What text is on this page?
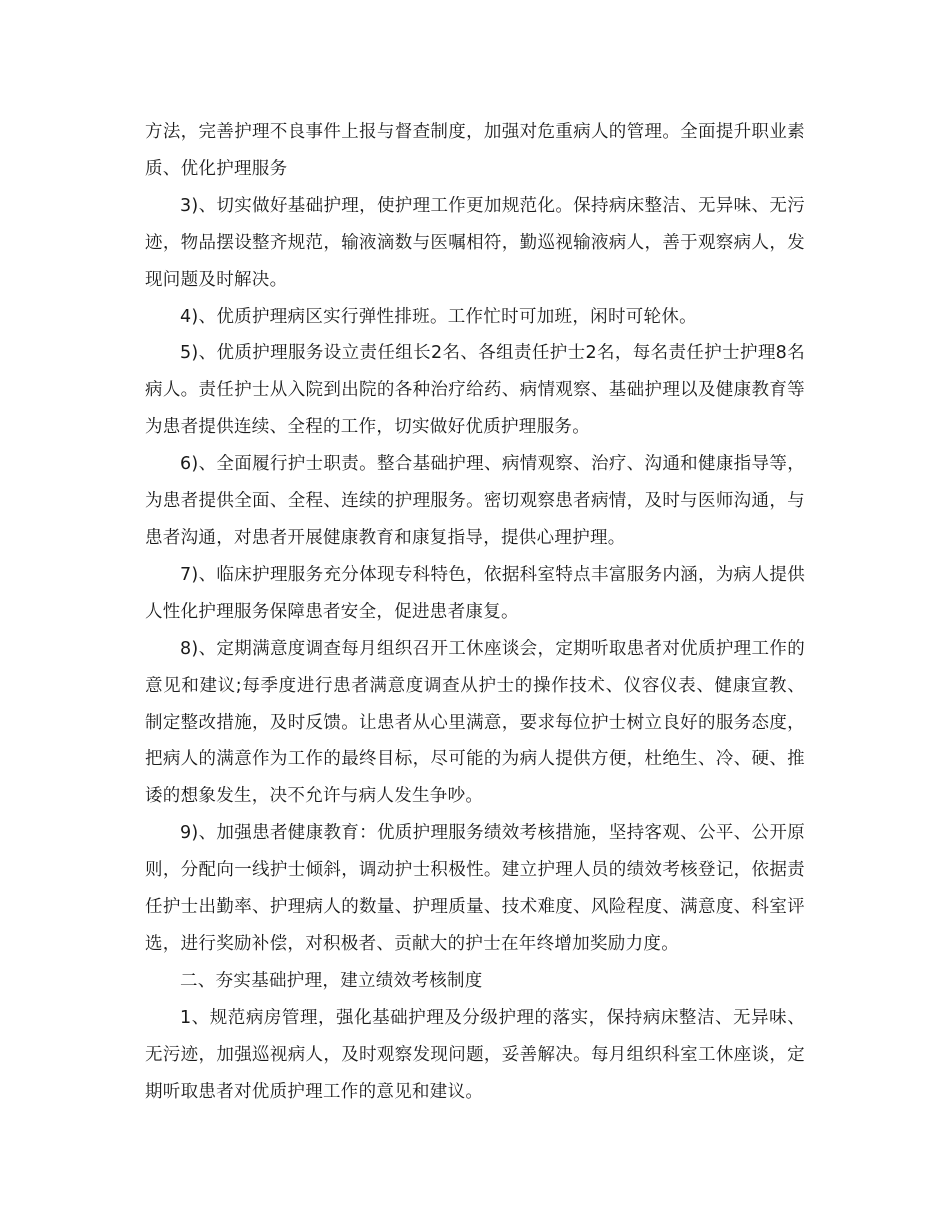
方法，完善护理不良事件上报与督查制度，加强对危重病人的管理。全面提升职业素质、优化护理服务

3)、切实做好基础护理，使护理工作更加规范化。保持病床整洁、无异味、无污迹，物品摆设整齐规范，输液滴数与医嘱相符，勤巡视输液病人，善于观察病人，发现问题及时解决。

4)、优质护理病区实行弹性排班。工作忙时可加班，闲时可轮休。

5)、优质护理服务设立责任组长2名、各组责任护士2名，每名责任护士护理8名病人。责任护士从入院到出院的各种治疗给药、病情观察、基础护理以及健康教育等为患者提供连续、全程的工作，切实做好优质护理服务。

6)、全面履行护士职责。整合基础护理、病情观察、治疗、沟通和健康指导等，为患者提供全面、全程、连续的护理服务。密切观察患者病情，及时与医师沟通，与患者沟通，对患者开展健康教育和康复指导，提供心理护理。

7)、临床护理服务充分体现专科特色，依据科室特点丰富服务内涵，为病人提供人性化护理服务保障患者安全，促进患者康复。

8)、定期满意度调查每月组织召开工休座谈会，定期听取患者对优质护理工作的意见和建议;每季度进行患者满意度调查从护士的操作技术、仪容仪表、健康宣教、制定整改措施，及时反馈。让患者从心里满意，要求每位护士树立良好的服务态度，把病人的满意作为工作的最终目标，尽可能的为病人提供方便，杜绝生、冷、硬、推诿的想象发生，决不允许与病人发生争吵。

9)、加强患者健康教育：优质护理服务绩效考核措施，坚持客观、公平、公开原则，分配向一线护士倾斜，调动护士积极性。建立护理人员的绩效考核登记，依据责任护士出勤率、护理病人的数量、护理质量、技术难度、风险程度、满意度、科室评选，进行奖励补偿，对积极者、贡献大的护士在年终增加奖励力度。

二、夯实基础护理，建立绩效考核制度

1、规范病房管理，强化基础护理及分级护理的落实，保持病床整洁、无异味、无污迹，加强巡视病人，及时观察发现问题，妥善解决。每月组织科室工休座谈，定期听取患者对优质护理工作的意见和建议。
